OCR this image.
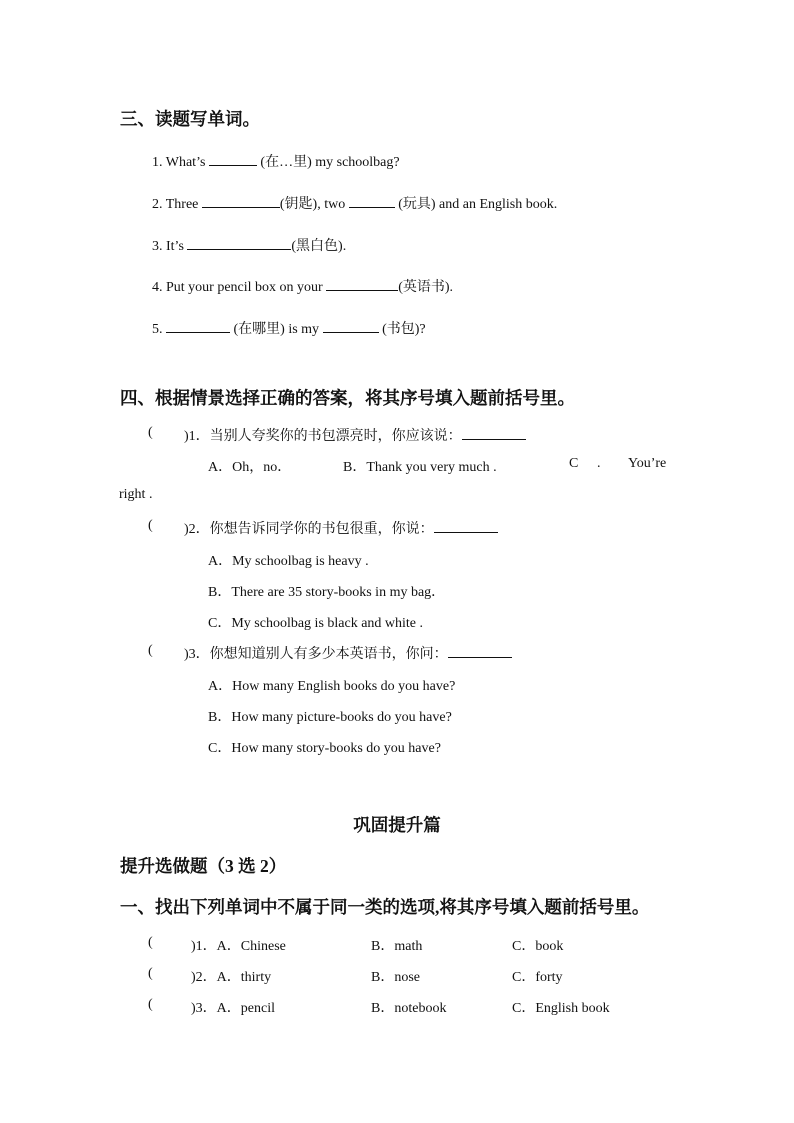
三、读题写单词。
1. What’s	(在…里) my schoolbag?
2. Three	(钥匙), two	(玩具) and an English book.
3. It’s	(黑白色).
4. Put your pencil box on your	(英语书).
5.	(在哪里) is my	(书包)?
四、根据情景选择正确的答案，将其序号填入题前括号里。
( )1．当别人夸奖你的书包漂亮时，你应该说：
A．Oh，no．	B．Thank you very much .	C . You’re
right .
( )2．你想告诉同学你的书包很重，你说：
A．My schoolbag is heavy .
B．There are 35 story-books in my bag．
C．My schoolbag is black and white .
( )3．你想知道别人有多少本英语书，你问：
A．How many English books do you have?
B．How many picture-books do you have?
C．How many story-books do you have?
巩固提升篇
提升选做题（3 选 2）
一、找出下列单词中不属于同一类的选项,将其序号填入题前括号里。
(	)1．A．Chinese	B．math	C．book
(	)2．A．thirty	B．nose	C．forty
(	)3．A．pencil	B．notebook	C．English book
